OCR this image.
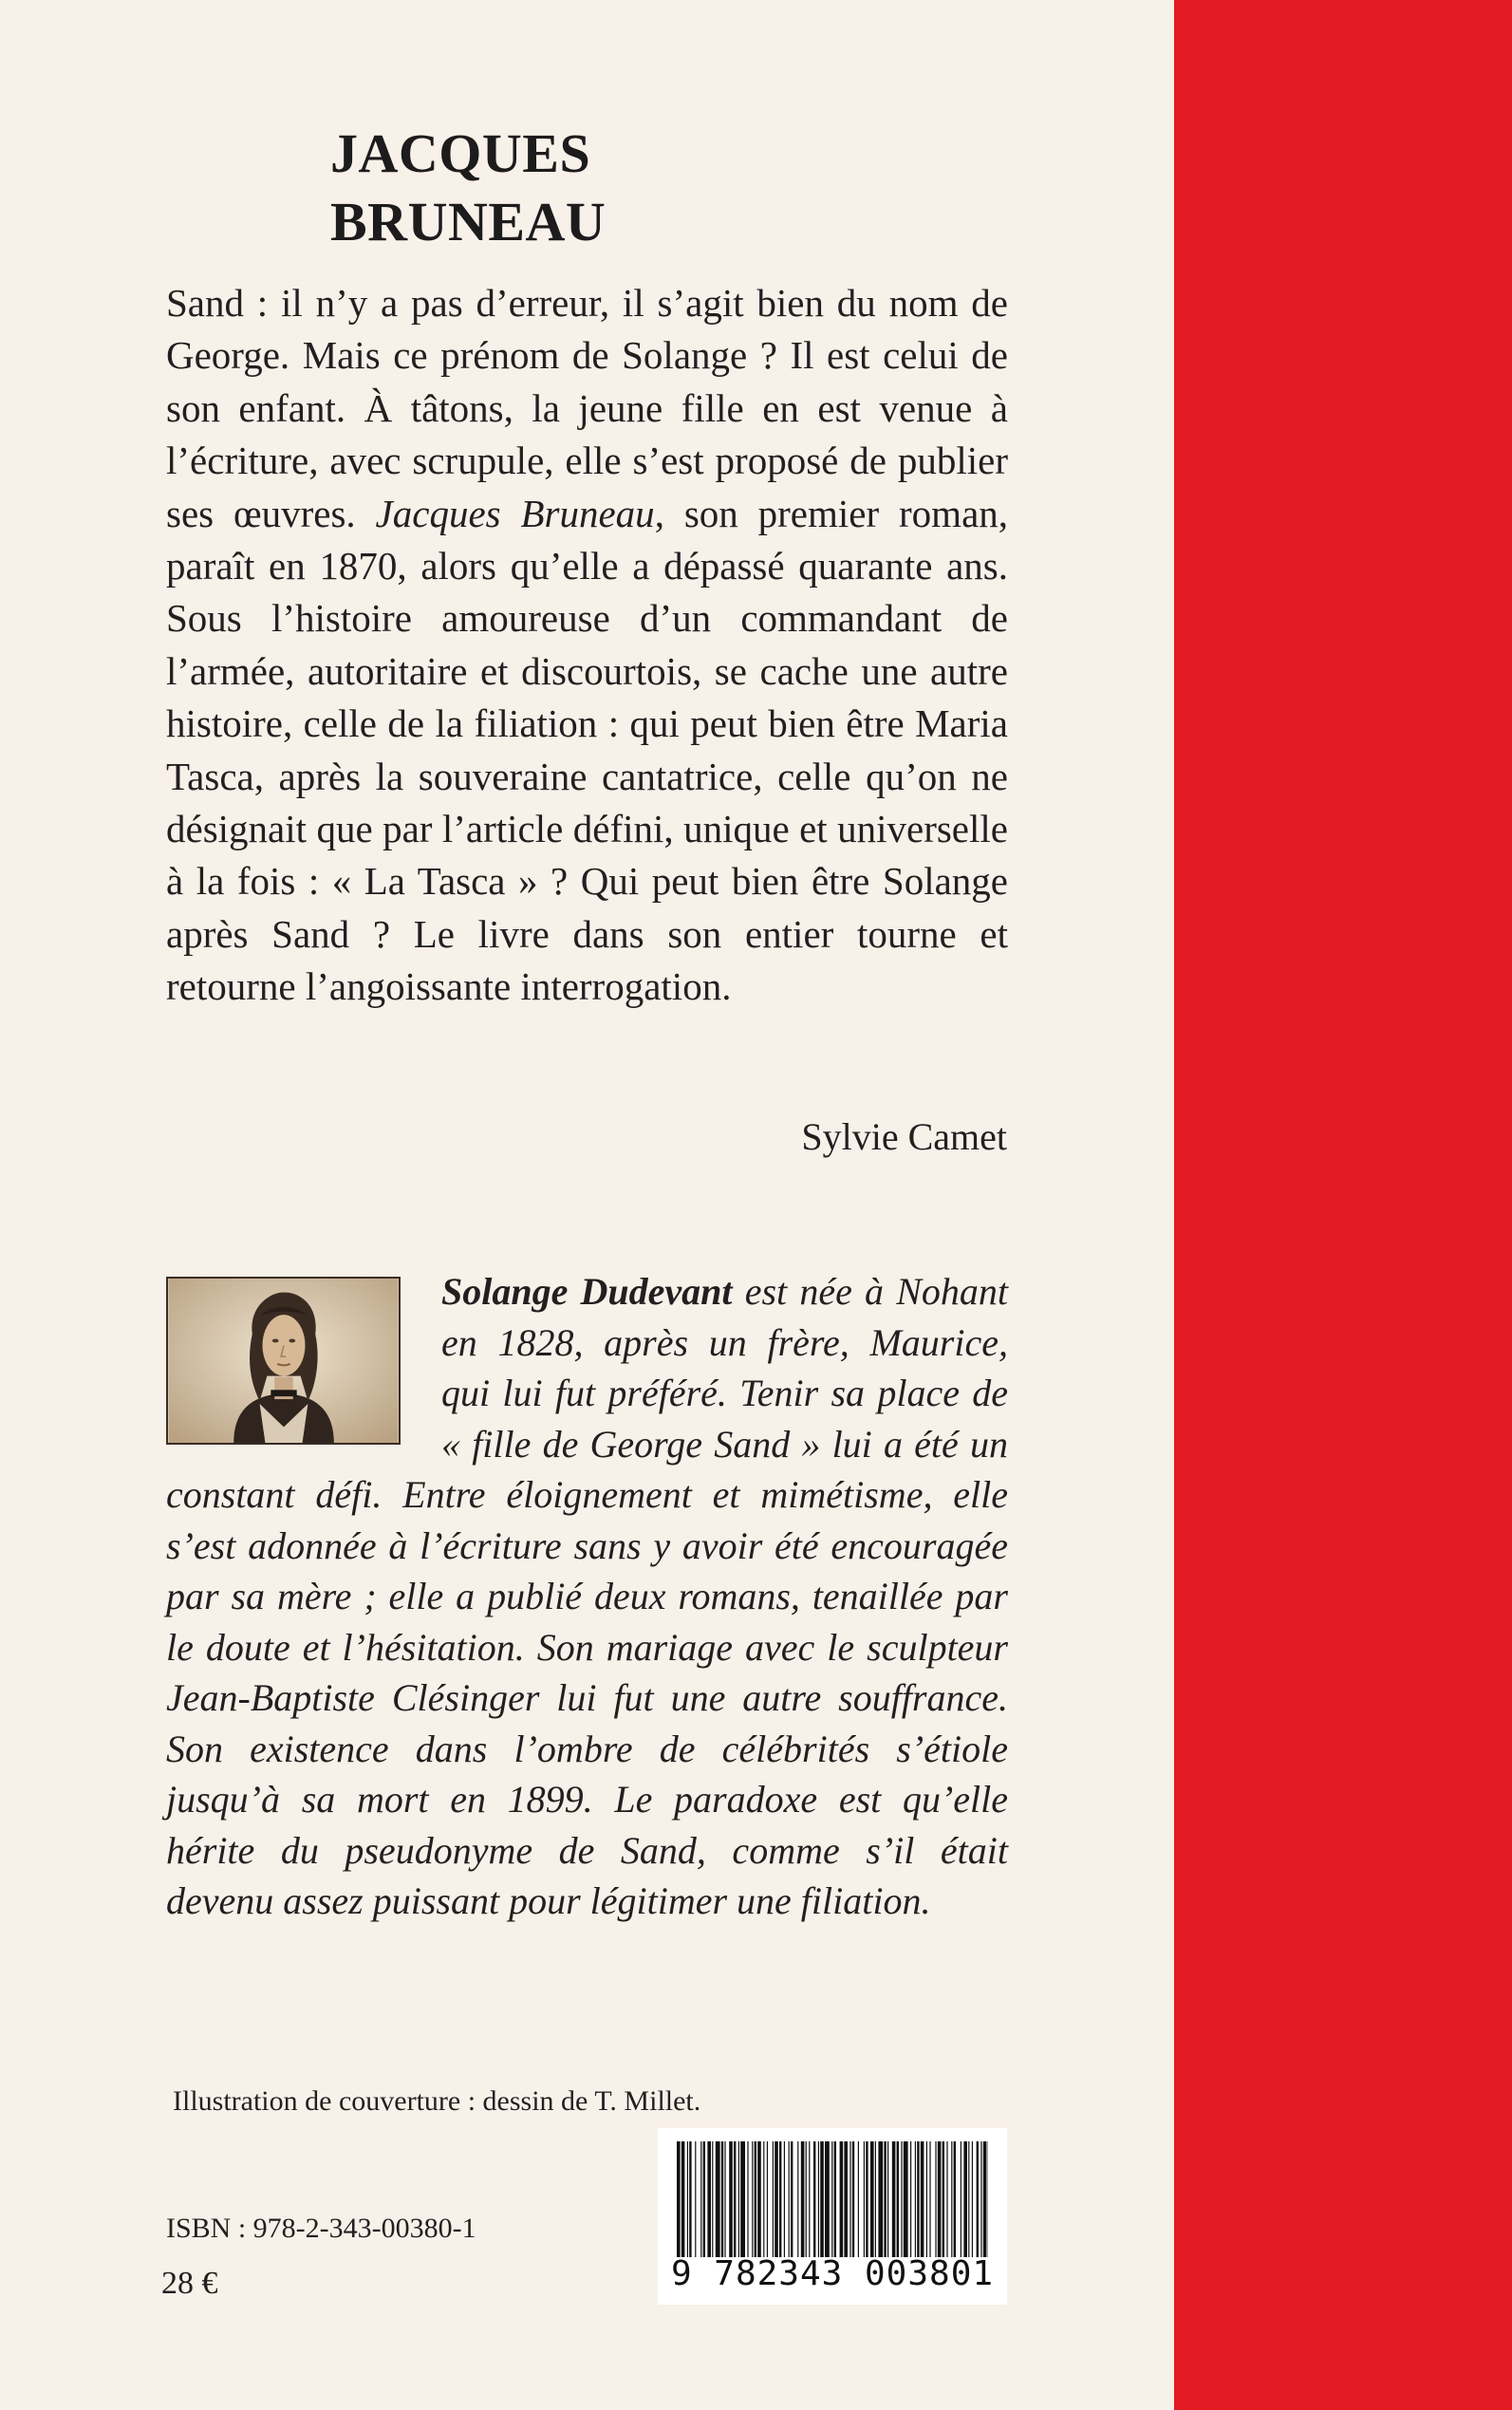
JACQUES BRUNEAU

Sand : il n’y a pas d’erreur, il s’agit bien du nom de George. Mais ce prénom de Solange ? Il est celui de son enfant. À tâtons, la jeune fille en est venue à l’écriture, avec scrupule, elle s’est proposé de publier ses œuvres. Jacques Bruneau, son premier roman, paraît en 1870, alors qu’elle a dépassé quarante ans. Sous l’histoire amoureuse d’un commandant de l’armée, autoritaire et discourtois, se cache une autre histoire, celle de la filiation : qui peut bien être Maria Tasca, après la souveraine cantatrice, celle qu’on ne désignait que par l’article défini, unique et universelle à la fois : « La Tasca » ? Qui peut bien être Solange après Sand ? Le livre dans son entier tourne et retourne l’angoissante interrogation.

Sylvie Camet

Solange Dudevant est née à Nohant en 1828, après un frère, Maurice, qui lui fut préféré. Tenir sa place de « fille de George Sand » lui a été un constant défi. Entre éloignement et mimétisme, elle s’est adonnée à l’écriture sans y avoir été encouragée par sa mère ; elle a publié deux romans, tenaillée par le doute et l’hésitation. Son mariage avec le sculpteur Jean-Baptiste Clésinger lui fut une autre souffrance. Son existence dans l’ombre de célébrités s’étiole jusqu’à sa mort en 1899. Le paradoxe est qu’elle hérite du pseudonyme de Sand, comme s’il était devenu assez puissant pour légitimer une filiation.

Illustration de couverture : dessin de T. Millet.
ISBN : 978-2-343-00380-1
28 €	9 782343 003801
